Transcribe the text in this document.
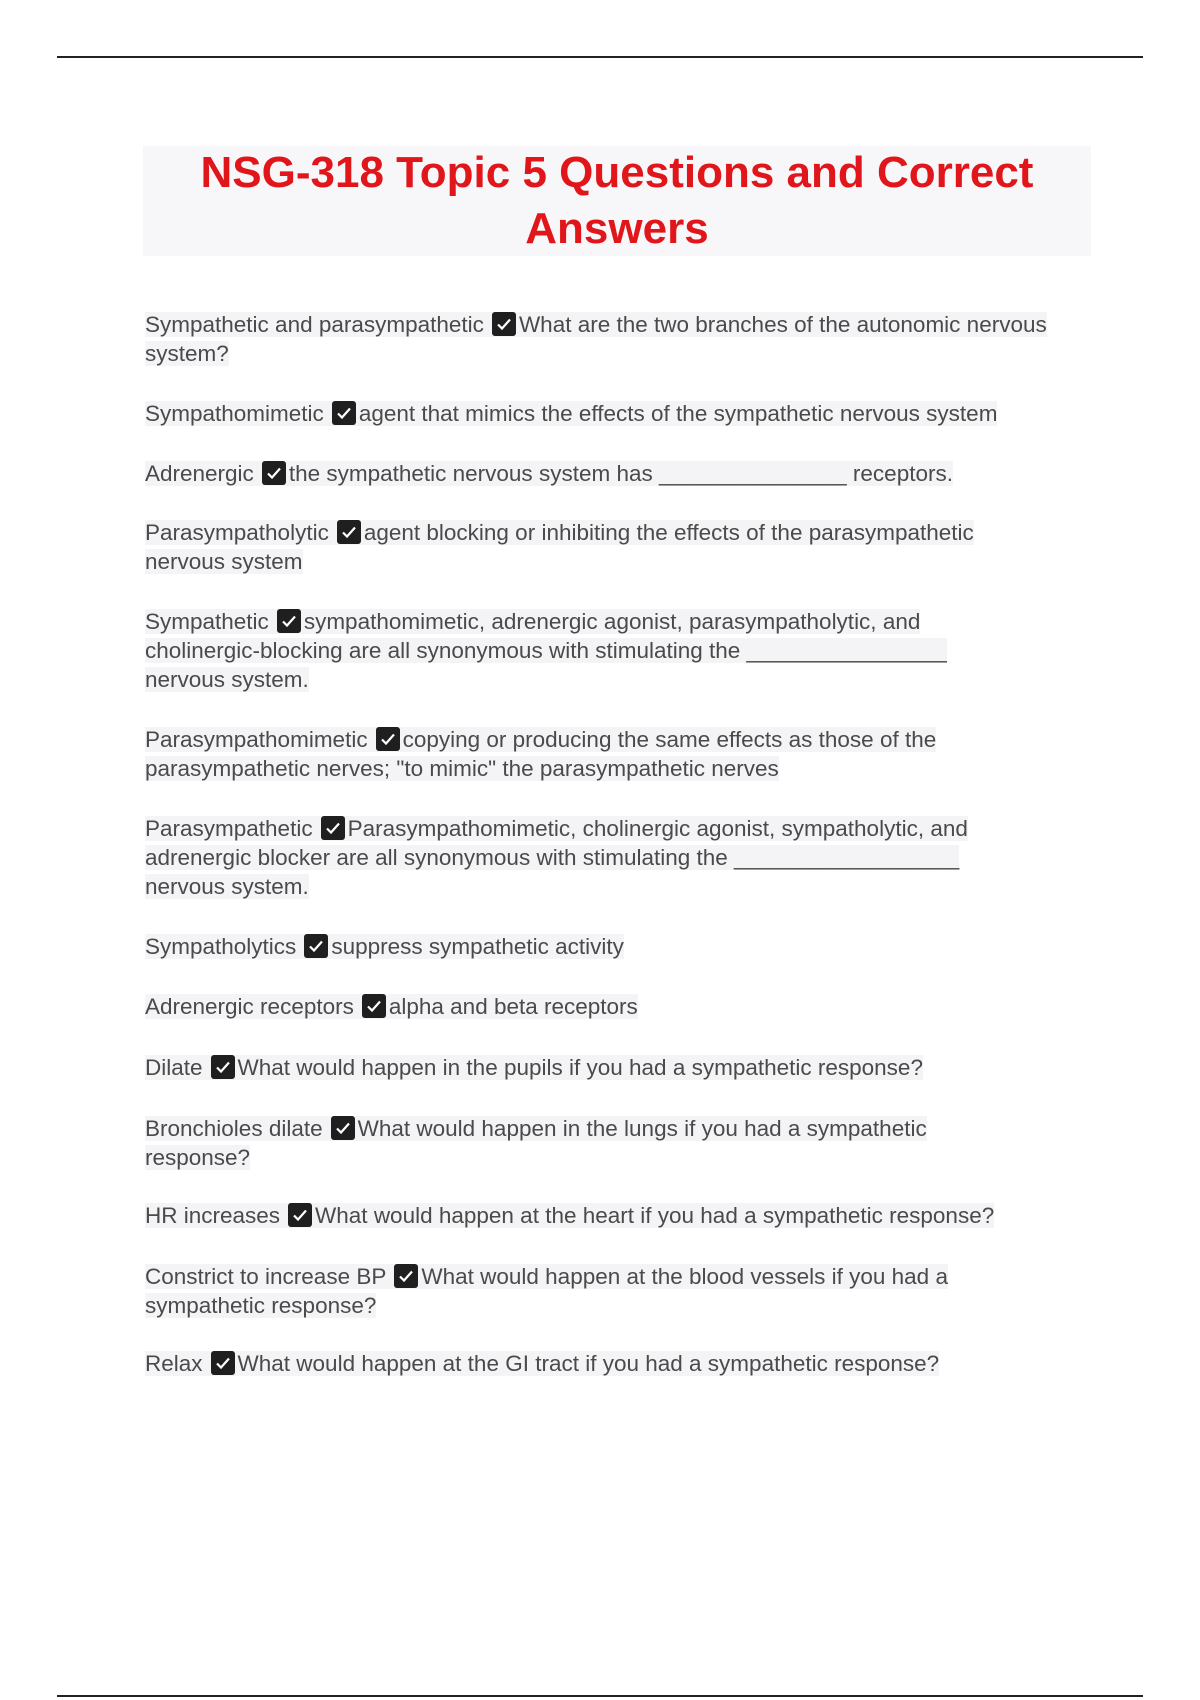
NSG-318 Topic 5 Questions and Correct Answers

Sympathetic and parasympathetic What are the two branches of the autonomic nervous system?

Sympathomimetic agent that mimics the effects of the sympathetic nervous system

Adrenergic the sympathetic nervous system has _______________ receptors.

Parasympatholytic agent blocking or inhibiting the effects of the parasympathetic nervous system

Sympathetic sympathomimetic, adrenergic agonist, parasympatholytic, and cholinergic-blocking are all synonymous with stimulating the ________________ nervous system.

Parasympathomimetic copying or producing the same effects as those of the parasympathetic nerves; "to mimic" the parasympathetic nerves

Parasympathetic Parasympathomimetic, cholinergic agonist, sympatholytic, and adrenergic blocker are all synonymous with stimulating the __________________ nervous system.

Sympatholytics suppress sympathetic activity

Adrenergic receptors alpha and beta receptors

Dilate What would happen in the pupils if you had a sympathetic response?

Bronchioles dilate What would happen in the lungs if you had a sympathetic response?

HR increases What would happen at the heart if you had a sympathetic response?

Constrict to increase BP What would happen at the blood vessels if you had a sympathetic response?

Relax What would happen at the GI tract if you had a sympathetic response?
